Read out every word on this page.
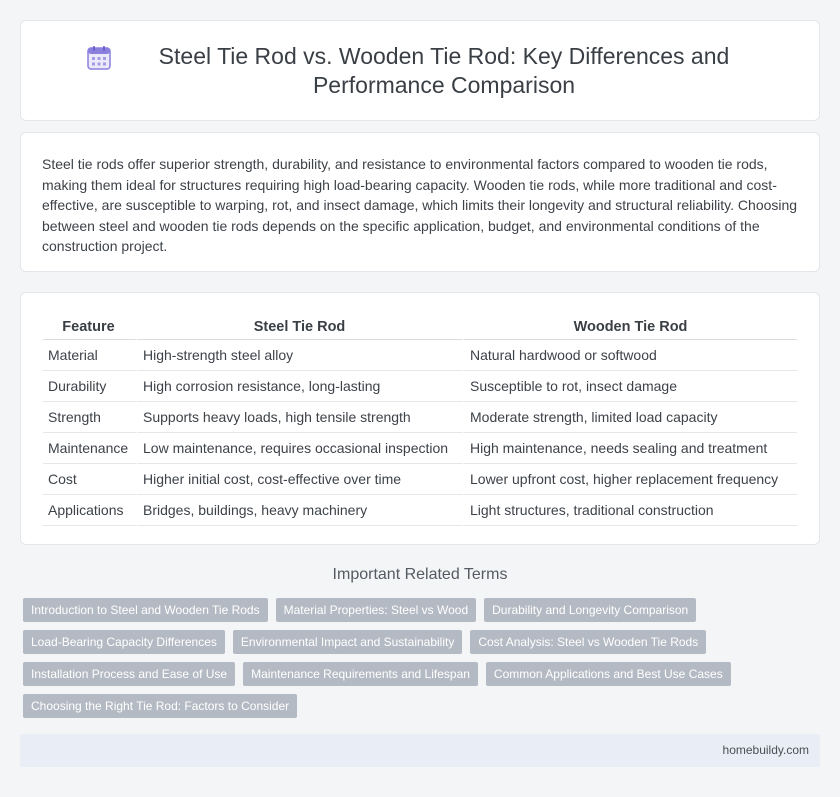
Steel Tie Rod vs. Wooden Tie Rod: Key Differences and Performance Comparison

Steel tie rods offer superior strength, durability, and resistance to environmental factors compared to wooden tie rods, making them ideal for structures requiring high load-bearing capacity. Wooden tie rods, while more traditional and cost-effective, are susceptible to warping, rot, and insect damage, which limits their longevity and structural reliability. Choosing between steel and wooden tie rods depends on the specific application, budget, and environmental conditions of the construction project.

Feature	Steel Tie Rod	Wooden Tie Rod
Material	High-strength steel alloy	Natural hardwood or softwood
Durability	High corrosion resistance, long-lasting	Susceptible to rot, insect damage
Strength	Supports heavy loads, high tensile strength	Moderate strength, limited load capacity
Maintenance	Low maintenance, requires occasional inspection	High maintenance, needs sealing and treatment
Cost	Higher initial cost, cost-effective over time	Lower upfront cost, higher replacement frequency
Applications	Bridges, buildings, heavy machinery	Light structures, traditional construction
Important Related Terms
Introduction to Steel and Wooden Tie Rods	Material Properties: Steel vs Wood	Durability and Longevity Comparison
Load-Bearing Capacity Differences	Environmental Impact and Sustainability	Cost Analysis: Steel vs Wooden Tie Rods
Installation Process and Ease of Use	Maintenance Requirements and Lifespan	Common Applications and Best Use Cases
Choosing the Right Tie Rod: Factors to Consider
homebuildy.com
